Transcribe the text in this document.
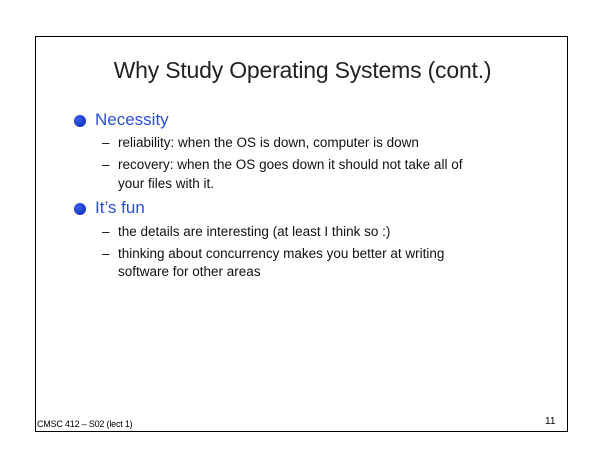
Why Study Operating Systems (cont.)
Necessity
– reliability: when the OS is down, computer is down
– recovery: when the OS goes down it should not take all of
your files with it.
It’s fun
– the details are interesting (at least I think so :)
– thinking about concurrency makes you better at writing
software for other areas
CMSC 412 – S02 (lect 1)	11
